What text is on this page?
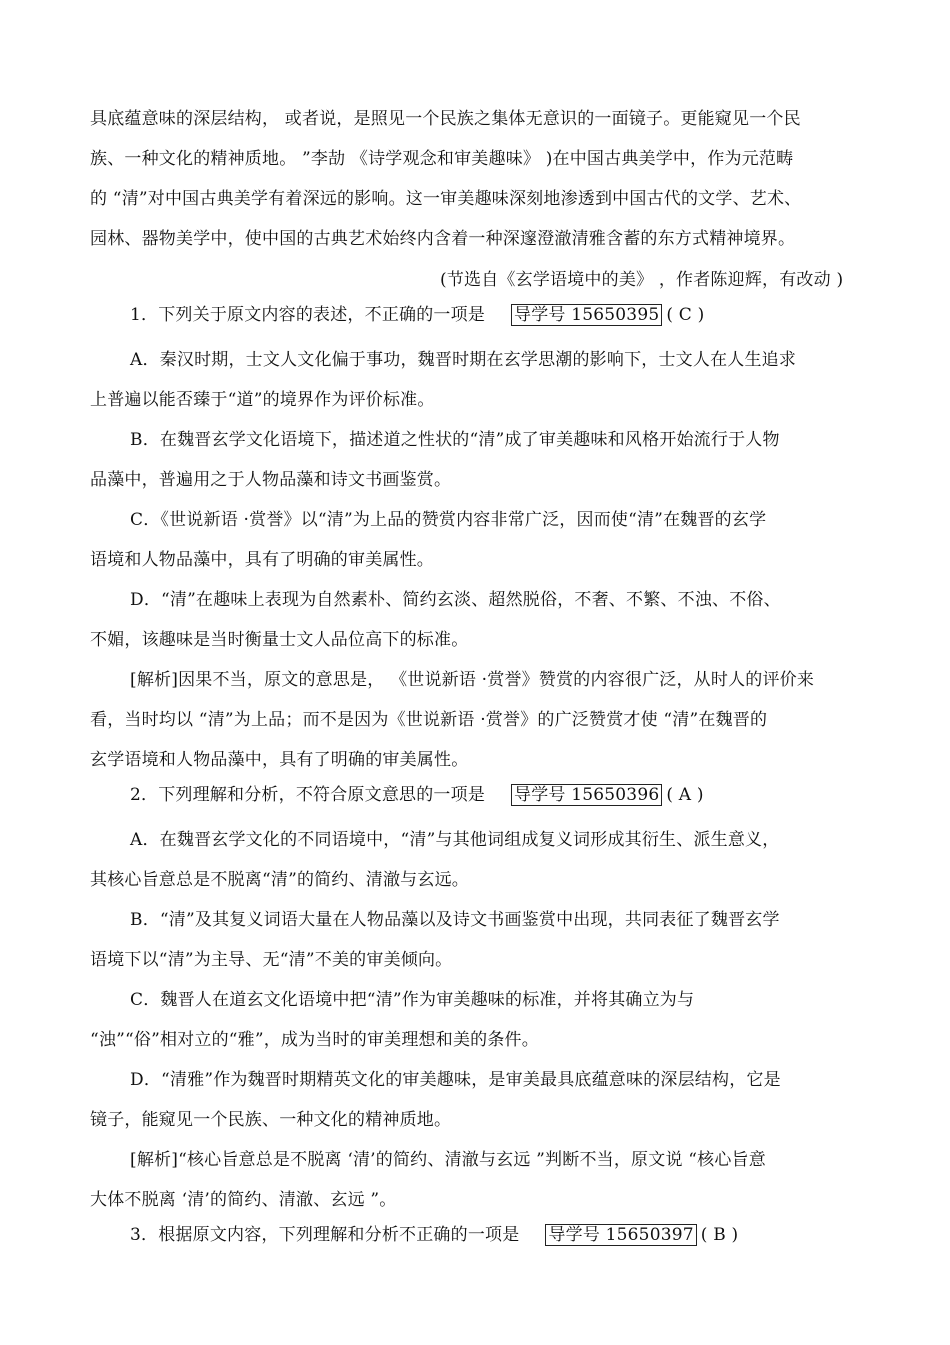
具底蕴意味的深层结构， 或者说，是照见一个民族之集体无意识的一面镜子。更能窥见一个民
族、一种文化的精神质地。 ”李劼 《诗学观念和审美趣味》 )在中国古典美学中，作为元范畴
的 “清”对中国古典美学有着深远的影响。这一审美趣味深刻地渗透到中国古代的文学、艺术、
园林、器物美学中，使中国的古典艺术始终内含着一种深邃澄澈清雅含蓄的东方式精神境界。
(节选自《玄学语境中的美》 ，作者陈迎辉，有改动 )
1．下列关于原文内容的表述，不正确的一项是 导学号 15650395 ( C )
A．秦汉时期，士文人文化偏于事功，魏晋时期在玄学思潮的影响下，士文人在人生追求
上普遍以能否臻于“道”的境界作为评价标准。
B．在魏晋玄学文化语境下，描述道之性状的“清”成了审美趣味和风格开始流行于人物
品藻中，普遍用之于人物品藻和诗文书画鉴赏。
C．《世说新语 ·赏誉》以“清”为上品的赞赏内容非常广泛，因而使“清”在魏晋的玄学
语境和人物品藻中，具有了明确的审美属性。
D．“清”在趣味上表现为自然素朴、简约玄淡、超然脱俗，不奢、不繁、不浊、不俗、
不媚，该趣味是当时衡量士文人品位高下的标准。
[解析]因果不当，原文的意思是， 《世说新语 ·赏誉》赞赏的内容很广泛，从时人的评价来
看，当时均以 “清”为上品；而不是因为《世说新语 ·赏誉》的广泛赞赏才使 “清”在魏晋的
玄学语境和人物品藻中，具有了明确的审美属性。
2．下列理解和分析，不符合原文意思的一项是 导学号 15650396 ( A )
A．在魏晋玄学文化的不同语境中，“清”与其他词组成复义词形成其衍生、派生意义，
其核心旨意总是不脱离“清”的简约、清澈与玄远。
B．“清”及其复义词语大量在人物品藻以及诗文书画鉴赏中出现，共同表征了魏晋玄学
语境下以“清”为主导、无“清”不美的审美倾向。
C．魏晋人在道玄文化语境中把“清”作为审美趣味的标准，并将其确立为与
“浊”“俗”相对立的“雅”，成为当时的审美理想和美的条件。
D．“清雅”作为魏晋时期精英文化的审美趣味，是审美最具底蕴意味的深层结构，它是
镜子，能窥见一个民族、一种文化的精神质地。
[解析]“核心旨意总是不脱离 ‘清’的简约、清澈与玄远 ”判断不当，原文说 “核心旨意
大体不脱离 ‘清’的简约、清澈、玄远 ”。
3．根据原文内容，下列理解和分析不正确的一项是 导学号 15650397 ( B )
